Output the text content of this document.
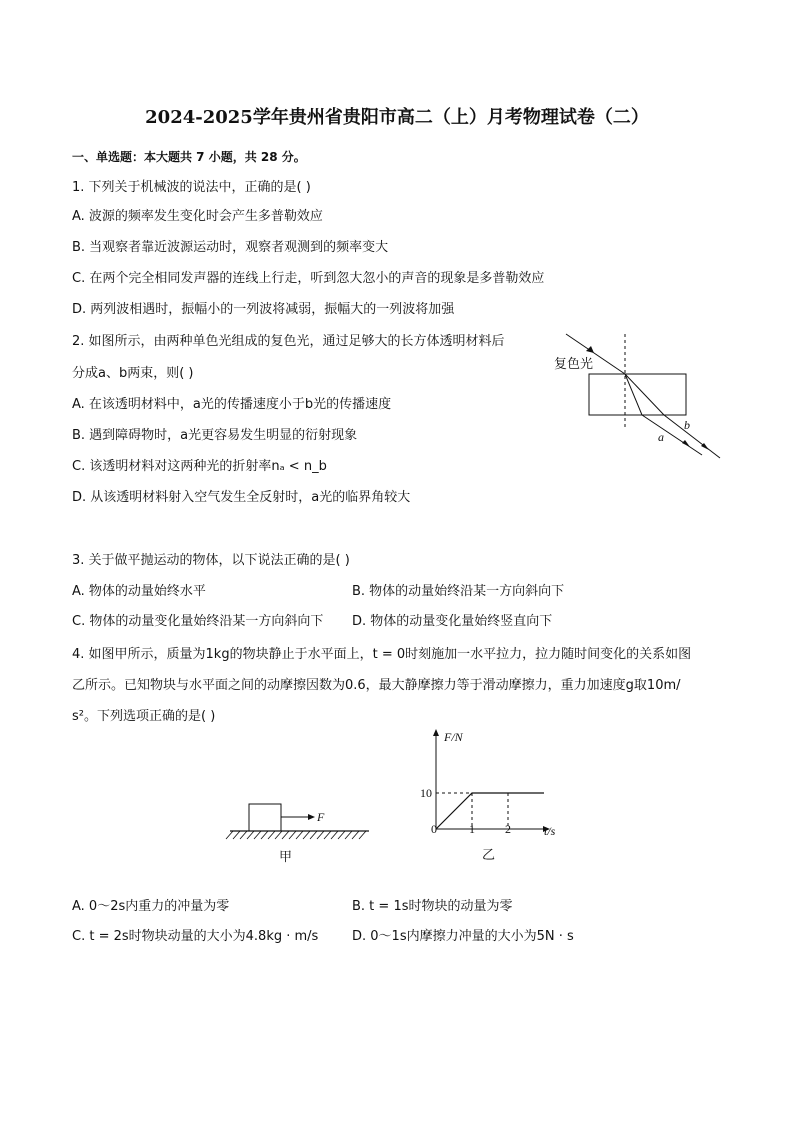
2024-2025学年贵州省贵阳市高二（上）月考物理试卷（二）
一、单选题：本大题共 7 小题，共 28 分。
1. 下列关于机械波的说法中，正确的是( )
A. 波源的频率发生变化时会产生多普勒效应
B. 当观察者靠近波源运动时，观察者观测到的频率变大
C. 在两个完全相同发声器的连线上行走，听到忽大忽小的声音的现象是多普勒效应
D. 两列波相遇时，振幅小的一列波将减弱，振幅大的一列波将加强
2. 如图所示，由两种单色光组成的复色光，通过足够大的长方体透明材料后
分成a、b两束，则( )
A. 在该透明材料中，a光的传播速度小于b光的传播速度
B. 遇到障碍物时，a光更容易发生明显的衍射现象
C. 该透明材料对这两种光的折射率nₐ < n_b
D. 从该透明材料射入空气发生全反射时，a光的临界角较大
复色光
a
b
3. 关于做平抛运动的物体，以下说法正确的是( )
A. 物体的动量始终水平	B. 物体的动量始终沿某一方向斜向下
C. 物体的动量变化量始终沿某一方向斜向下 D. 物体的动量变化量始终竖直向下
4. 如图甲所示，质量为1kg的物块静止于水平面上，t = 0时刻施加一水平拉力，拉力随时间变化的关系如图
乙所示。已知物块与水平面之间的动摩擦因数为0.6，最大静摩擦力等于滑动摩擦力，重力加速度g取10m/
s²。下列选项正确的是( )
F
甲
F/N
t/s
0
10
1	2
乙
A. 0～2s内重力的冲量为零	B. t = 1s时物块的动量为零
C. t = 2s时物块动量的大小为4.8kg · m/s	D. 0～1s内摩擦力冲量的大小为5N · s
